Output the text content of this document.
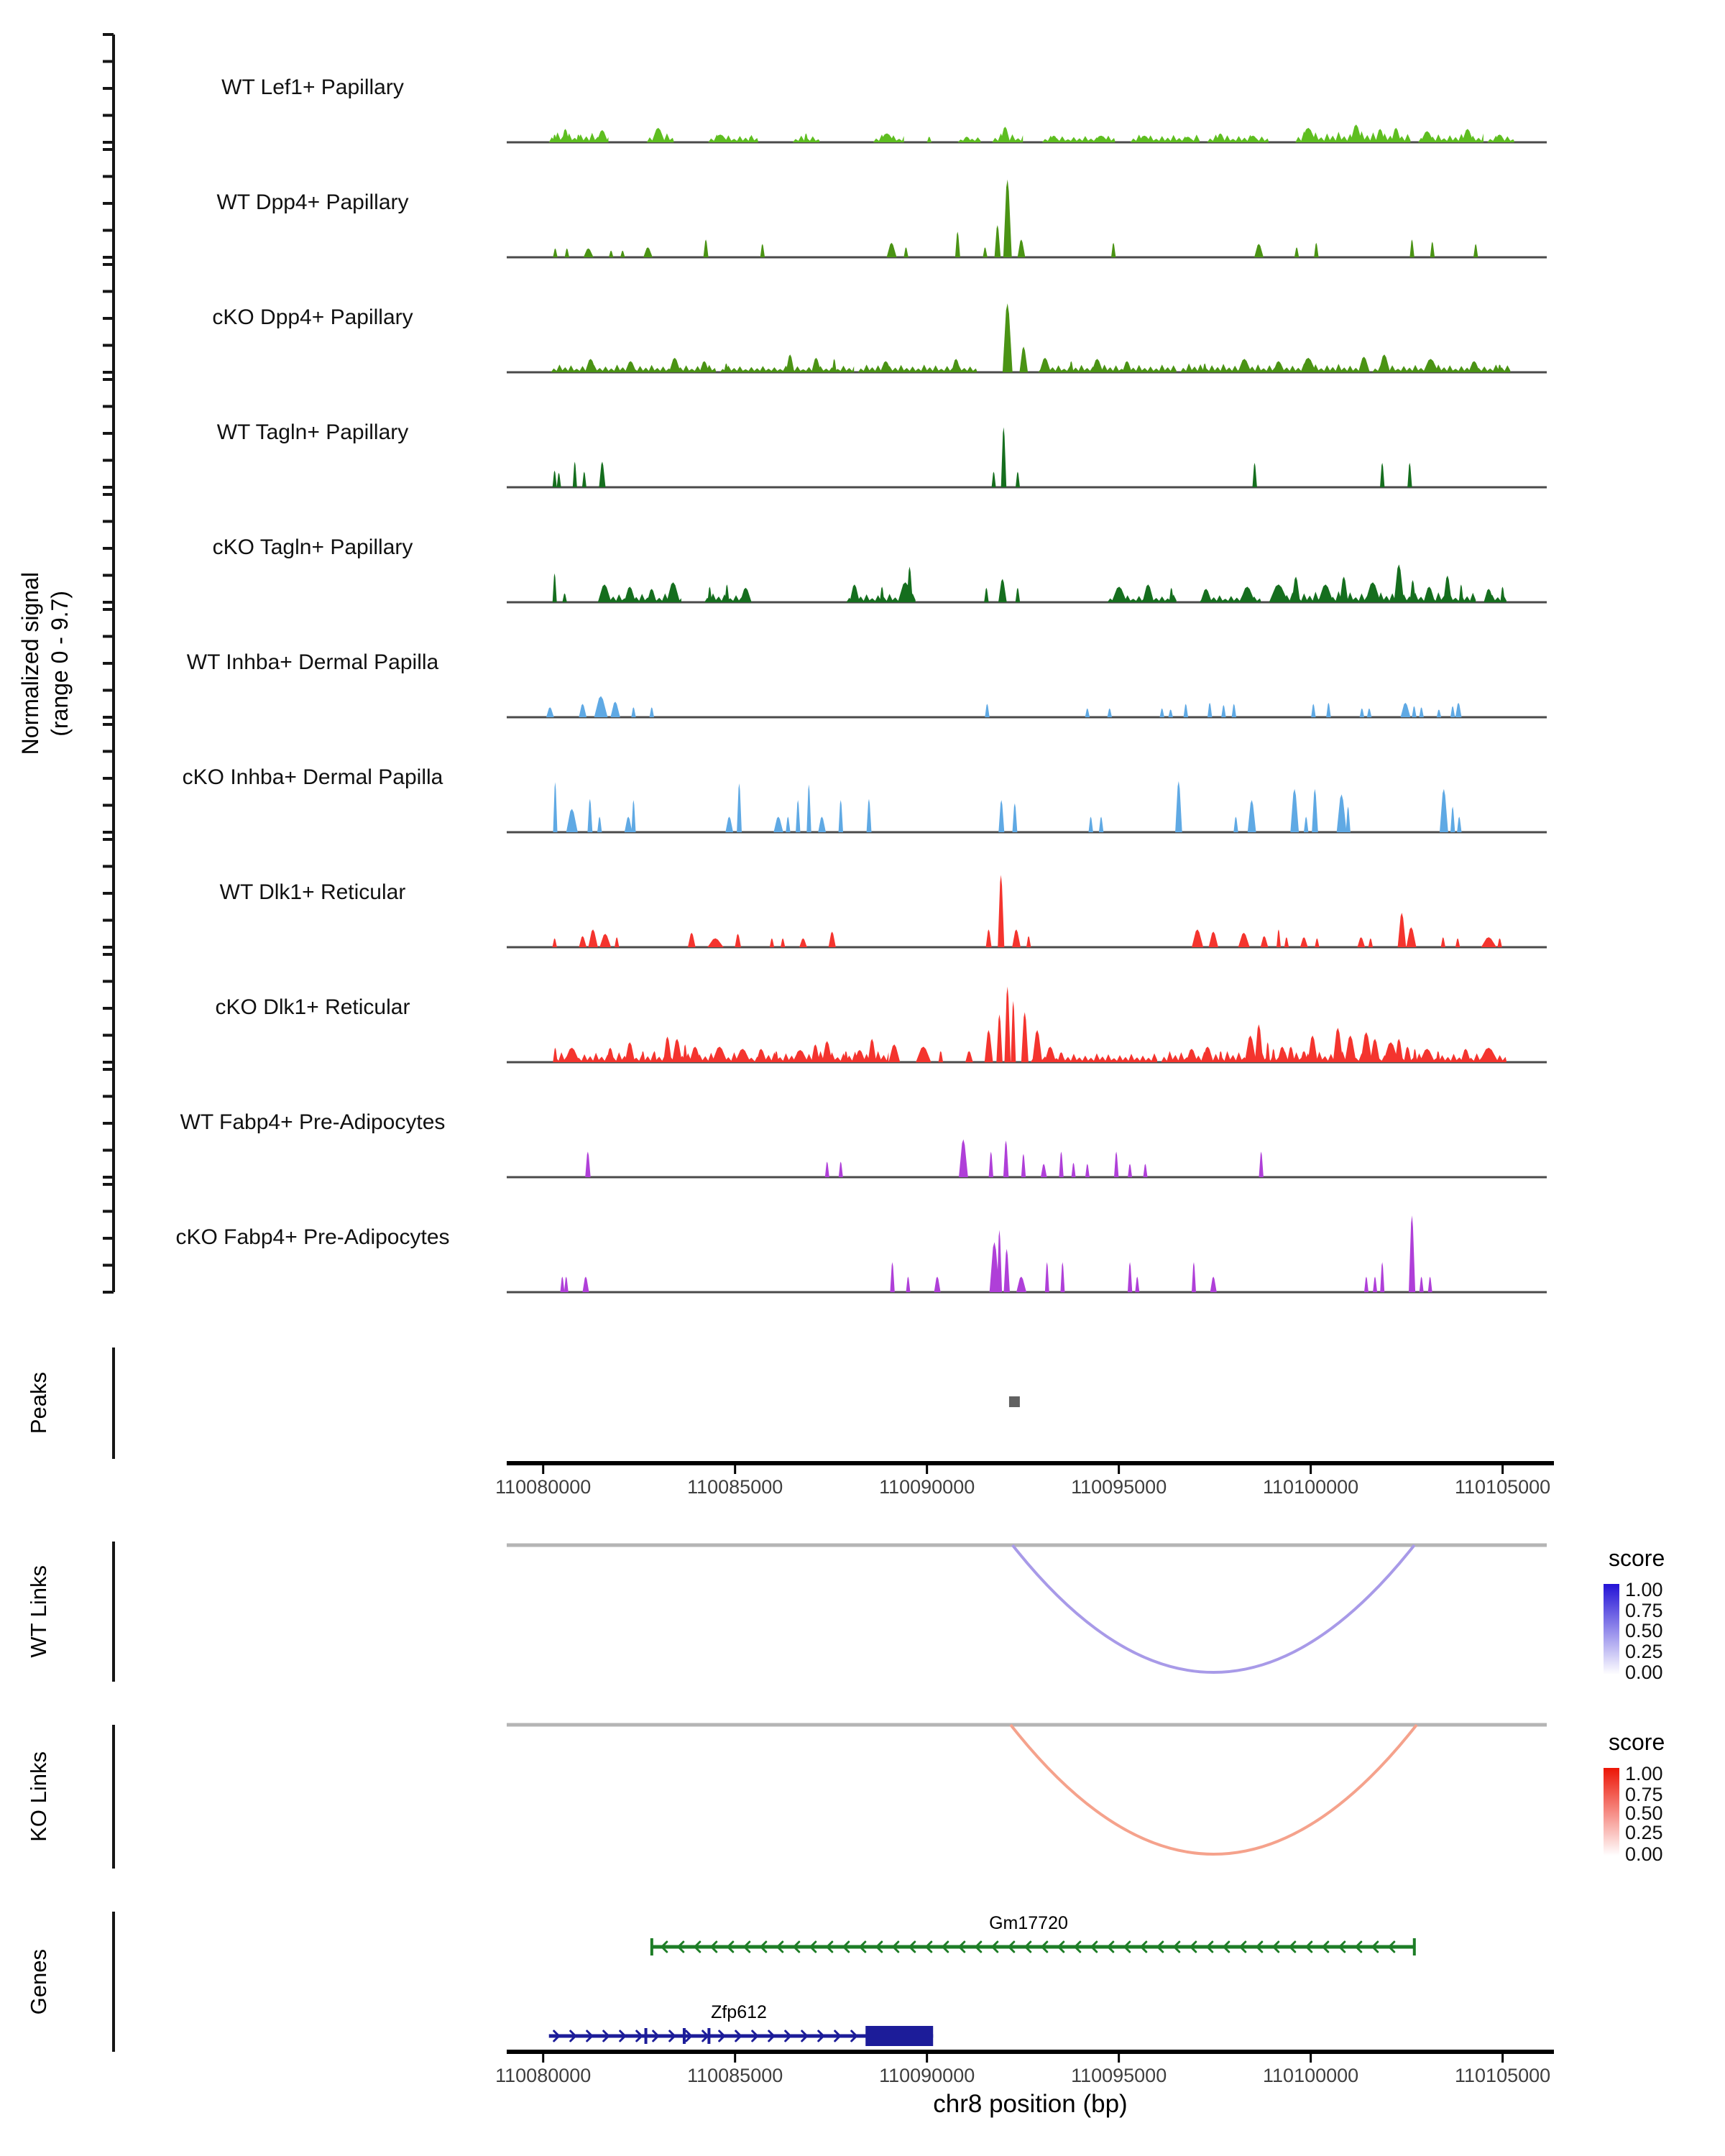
WT Lef1+ Papillary
WT Dpp4+ Papillary
cKO Dpp4+ Papillary
WT Tagln+ Papillary
cKO Tagln+ Papillary
WT Inhba+ Dermal Papilla
cKO Inhba+ Dermal Papilla
WT Dlk1+ Reticular
cKO Dlk1+ Reticular
WT Fabp4+ Pre-Adipocytes
cKO Fabp4+ Pre-Adipocytes
110080000	110085000	110090000	110095000	110100000	110105000
110080000	110085000	110090000	110095000	110100000	110105000
Normalized signal (range 0 - 9.7)
Peaks
WT Links
KO Links
Genes
score
1.00
0.75
0.50
0.25
0.00
score
1.00
0.75
0.50
0.25
0.00
Gm17720
Zfp612
chr8 position (bp)
